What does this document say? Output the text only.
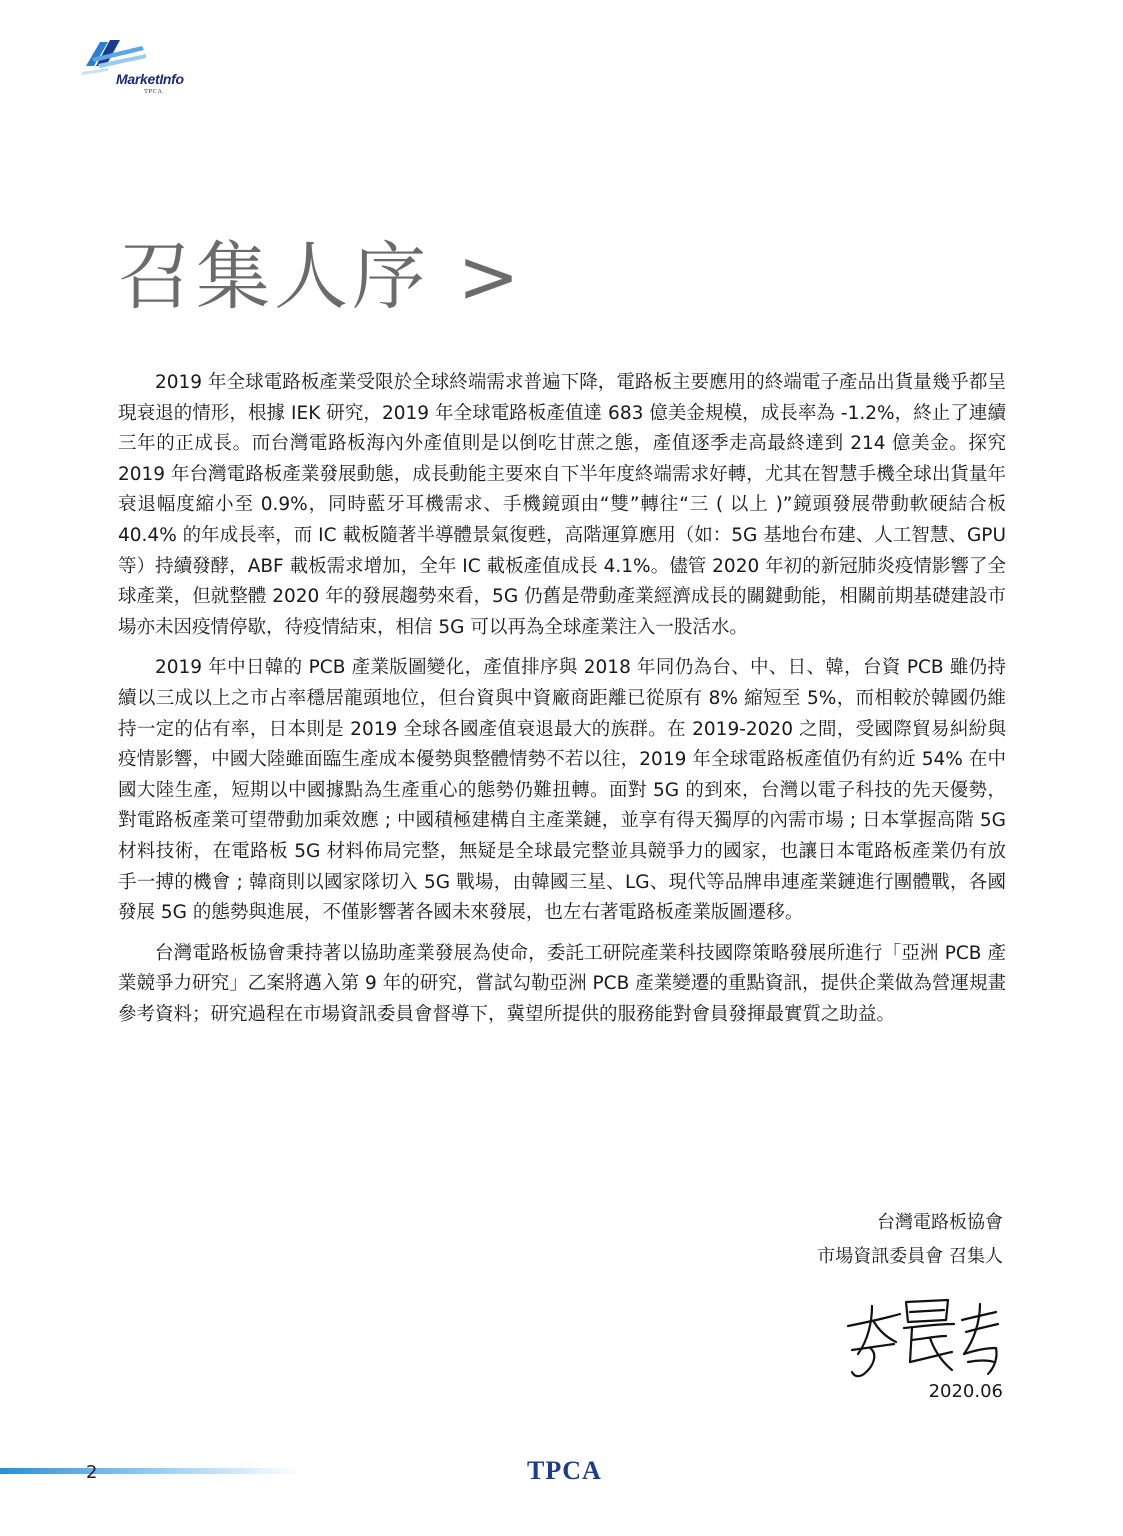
MarketInfo
TPCA
召集人序 >

2019 年全球電路板產業受限於全球終端需求普遍下降，電路板主要應用的終端電子產品出貨量幾乎都呈現衰退的情形，根據 IEK 研究，2019 年全球電路板產值達 683 億美金規模，成長率為 -1.2%，終止了連續三年的正成長。而台灣電路板海內外產值則是以倒吃甘蔗之態，產值逐季走高最終達到 214 億美金。探究 2019 年台灣電路板產業發展動態，成長動能主要來自下半年度終端需求好轉，尤其在智慧手機全球出貨量年衰退幅度縮小至 0.9%，同時藍牙耳機需求、手機鏡頭由“雙”轉往“三 ( 以上 )”鏡頭發展帶動軟硬結合板 40.4% 的年成長率，而 IC 載板隨著半導體景氣復甦，高階運算應用（如：5G 基地台布建、人工智慧、GPU 等）持續發酵，ABF 載板需求增加，全年 IC 載板產值成長 4.1%。儘管 2020 年初的新冠肺炎疫情影響了全球產業，但就整體 2020 年的發展趨勢來看，5G 仍舊是帶動產業經濟成長的關鍵動能，相關前期基礎建設市場亦未因疫情停歇，待疫情結束，相信 5G 可以再為全球產業注入一股活水。

2019 年中日韓的 PCB 產業版圖變化，產值排序與 2018 年同仍為台、中、日、韓，台資 PCB 雖仍持續以三成以上之市占率穩居龍頭地位，但台資與中資廠商距離已從原有 8% 縮短至 5%，而相較於韓國仍維持一定的佔有率，日本則是 2019 全球各國產值衰退最大的族群。在 2019-2020 之間，受國際貿易糾紛與疫情影響，中國大陸雖面臨生產成本優勢與整體情勢不若以往，2019 年全球電路板產值仍有約近 54% 在中國大陸生產，短期以中國據點為生產重心的態勢仍難扭轉。面對 5G 的到來，台灣以電子科技的先天優勢，對電路板產業可望帶動加乘效應 ; 中國積極建構自主產業鏈，並享有得天獨厚的內需市場 ; 日本掌握高階 5G 材料技術，在電路板 5G 材料佈局完整，無疑是全球最完整並具競爭力的國家，也讓日本電路板產業仍有放手一搏的機會 ; 韓商則以國家隊切入 5G 戰場，由韓國三星、LG、現代等品牌串連產業鏈進行團體戰，各國發展 5G 的態勢與進展，不僅影響著各國未來發展，也左右著電路板產業版圖遷移。

台灣電路板協會秉持著以協助產業發展為使命，委託工研院產業科技國際策略發展所進行「亞洲 PCB 產業競爭力研究」乙案將邁入第 9 年的研究，嘗試勾勒亞洲 PCB 產業變遷的重點資訊，提供企業做為營運規畫參考資料；研究過程在市場資訊委員會督導下，冀望所提供的服務能對會員發揮最實質之助益。

台灣電路板協會
市場資訊委員會 召集人
2020.06
2	TPCA
